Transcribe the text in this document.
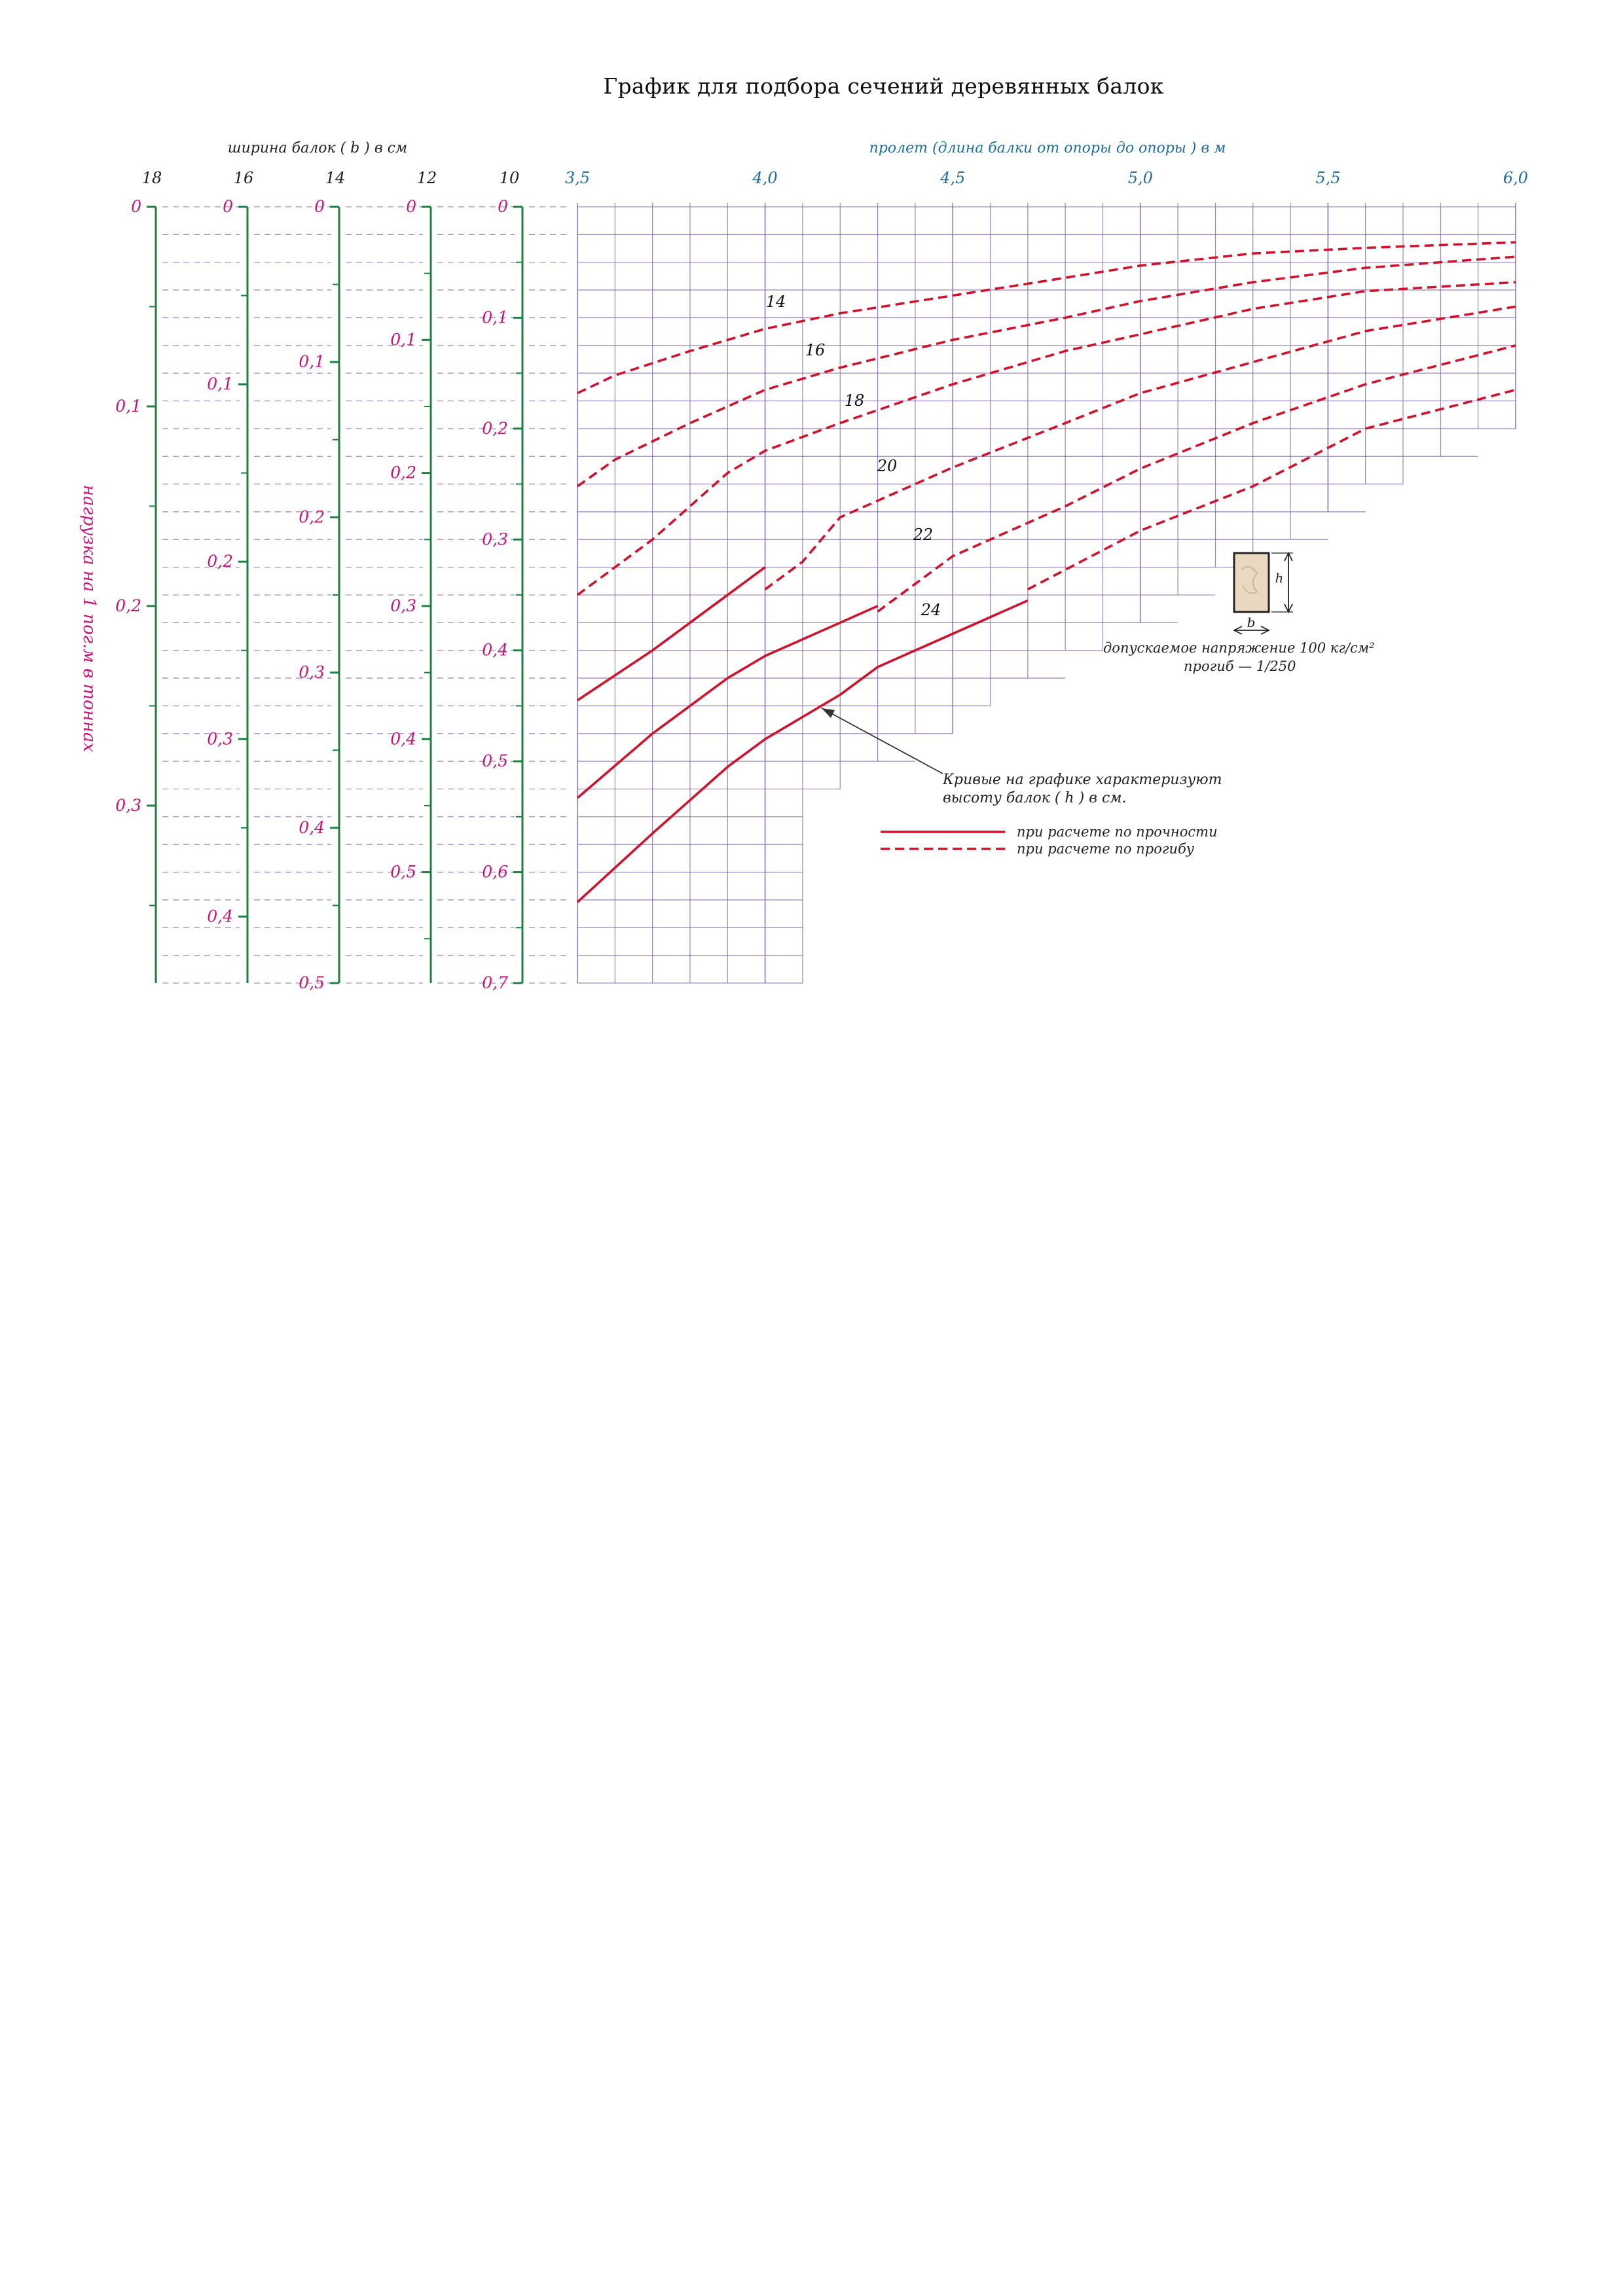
График для подбора сечений деревянных балок
3,5	4,0	4,5	5,0	5,5	6,0
пролет (длина балки от опоры до опоры ) в м
ширина балок ( b ) в см
18	16	14	12	10
0
0,1
0,2
0,3
0
0,1
0,2
0,3
0,4
0
0,1
0,2
0,3
0,4
0,5
0
0,1
0,2
0,3
0,4
0,5
0
0,1
0,2
0,3
0,4
0,5
0,6
0,7
нагрузка на 1 пог.м в тоннах
14
16
18
20
22
24
h
b
Кривые на графике характеризуют
высоту балок ( h ) в см.
при расчете по прочности
при расчете по прогибу
допускаемое напряжение 100 кг/см²
прогиб — 1/250
